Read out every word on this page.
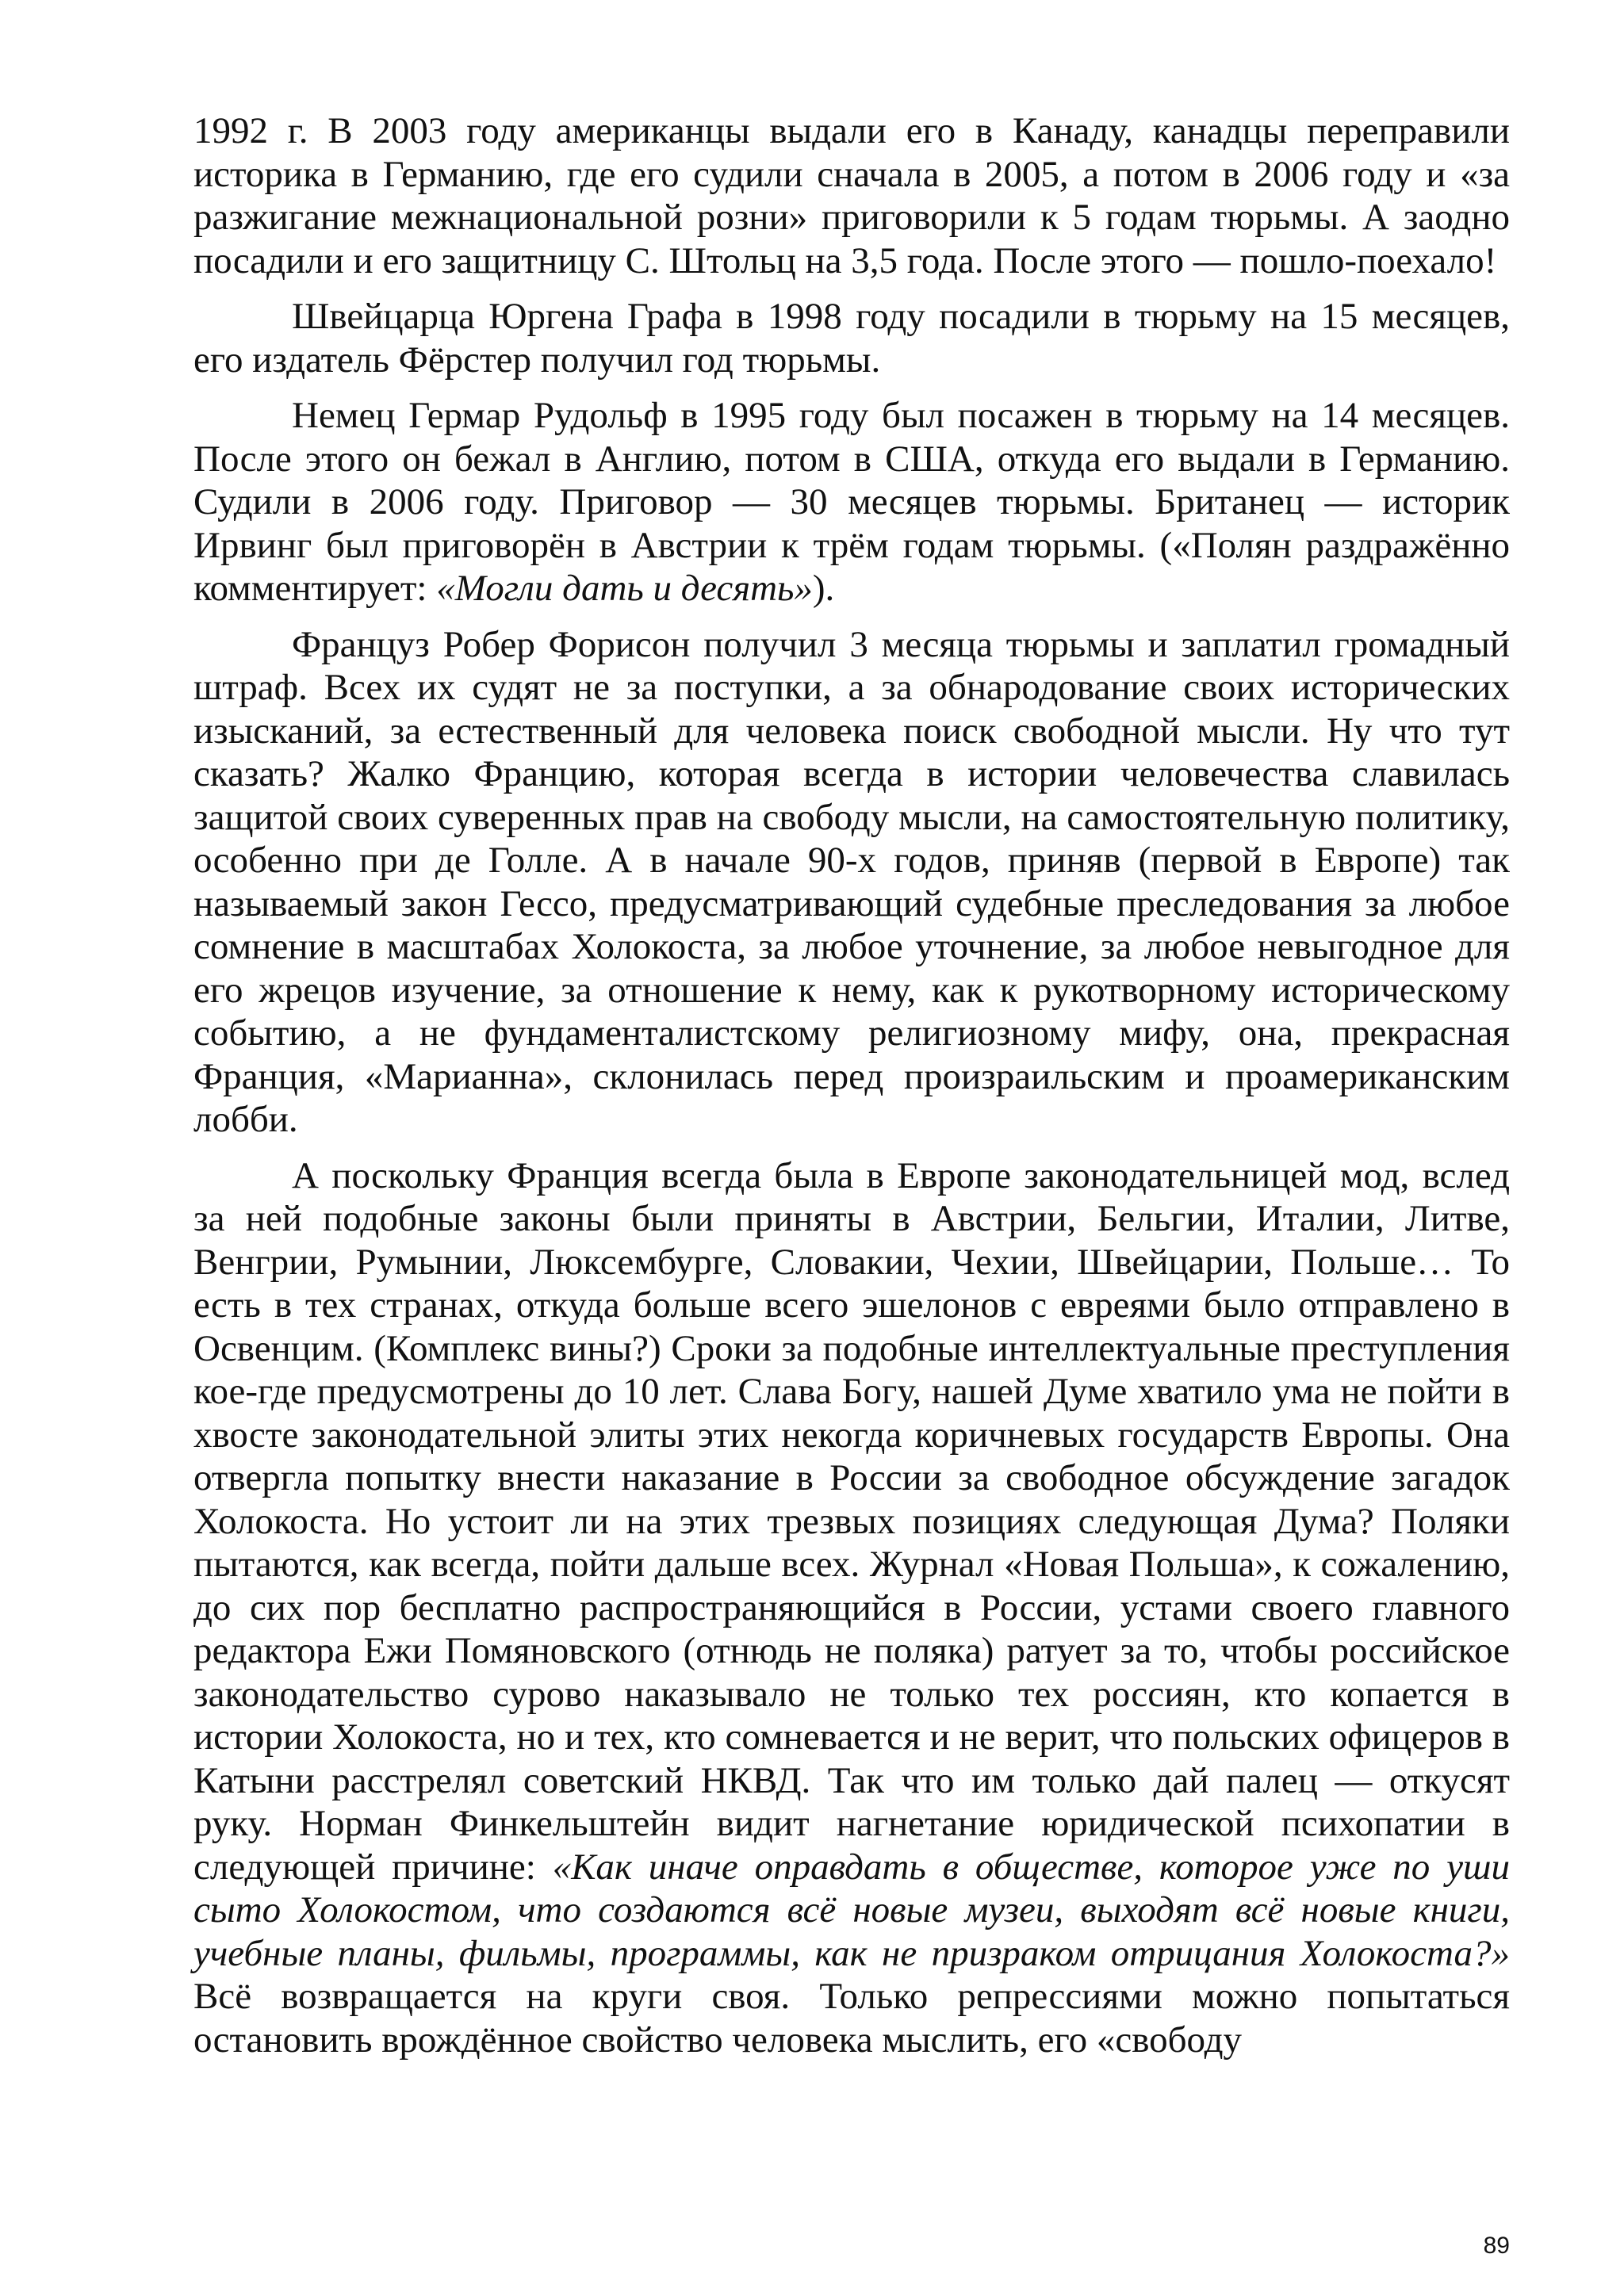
1992 г. В 2003 году американцы выдали его в Канаду, канадцы переправили историка в Германию, где его судили сначала в 2005, а потом в 2006 году и «за разжигание межнациональной розни» приговорили к 5 годам тюрьмы. А заодно посадили и его защитницу С. Штольц на 3,5 года. После этого — пошло-поехало!

Швейцарца Юргена Графа в 1998 году посадили в тюрьму на 15 месяцев, его издатель Фёрстер получил год тюрьмы.

Немец Гермар Рудольф в 1995 году был посажен в тюрьму на 14 месяцев. После этого он бежал в Англию, потом в США, откуда его выдали в Германию. Судили в 2006 году. Приговор — 30 месяцев тюрьмы. Британец — историк Ирвинг был приговорён в Австрии к трём годам тюрьмы. («Полян раздражённо комментирует: «Могли дать и десять»).

Француз Робер Форисон получил 3 месяца тюрьмы и заплатил громадный штраф. Всех их судят не за поступки, а за обнародование своих исторических изысканий, за естественный для человека поиск свободной мысли. Ну что тут сказать? Жалко Францию, которая всегда в истории человечества славилась защитой своих суверенных прав на свободу мысли, на самостоятельную политику, особенно при де Голле. А в начале 90-х годов, приняв (первой в Европе) так называемый закон Гессо, предусматривающий судебные преследования за любое сомнение в масштабах Холокоста, за любое уточнение, за любое невыгодное для его жрецов изучение, за отношение к нему, как к рукотворному историческому событию, а не фундаменталистскому религиозному мифу, она, прекрасная Франция, «Марианна», склонилась перед произраильским и проамериканским лобби.

А поскольку Франция всегда была в Европе законодательницей мод, вслед за ней подобные законы были приняты в Австрии, Бельгии, Италии, Литве, Венгрии, Румынии, Люксембурге, Словакии, Чехии, Швейцарии, Польше… То есть в тех странах, откуда больше всего эшелонов с евреями было отправлено в Освенцим. (Комплекс вины?) Сроки за подобные интеллектуальные преступления кое-где предусмотрены до 10 лет. Слава Богу, нашей Думе хватило ума не пойти в хвосте законодательной элиты этих некогда коричневых государств Европы. Она отвергла попытку внести наказание в России за свободное обсуждение загадок Холокоста. Но устоит ли на этих трезвых позициях следующая Дума? Поляки пытаются, как всегда, пойти дальше всех. Журнал «Новая Польша», к сожалению, до сих пор бесплатно распространяющийся в России, устами своего главного редактора Ежи Помяновского (отнюдь не поляка) ратует за то, чтобы российское законодательство сурово наказывало не только тех россиян, кто копается в истории Холокоста, но и тех, кто сомневается и не верит, что польских офицеров в Катыни расстрелял советский НКВД. Так что им только дай палец — откусят руку. Норман Финкельштейн видит нагнетание юридической психопатии в следующей причине: «Как иначе оправдать в обществе, которое уже по уши сыто Холокостом, что создаются всё новые музеи, выходят всё новые книги, учебные планы, фильмы, программы, как не призраком отрицания Холокоста?» Всё возвращается на круги своя. Только репрессиями можно попытаться остановить врождённое свойство человека мыслить, его «свободу

89
